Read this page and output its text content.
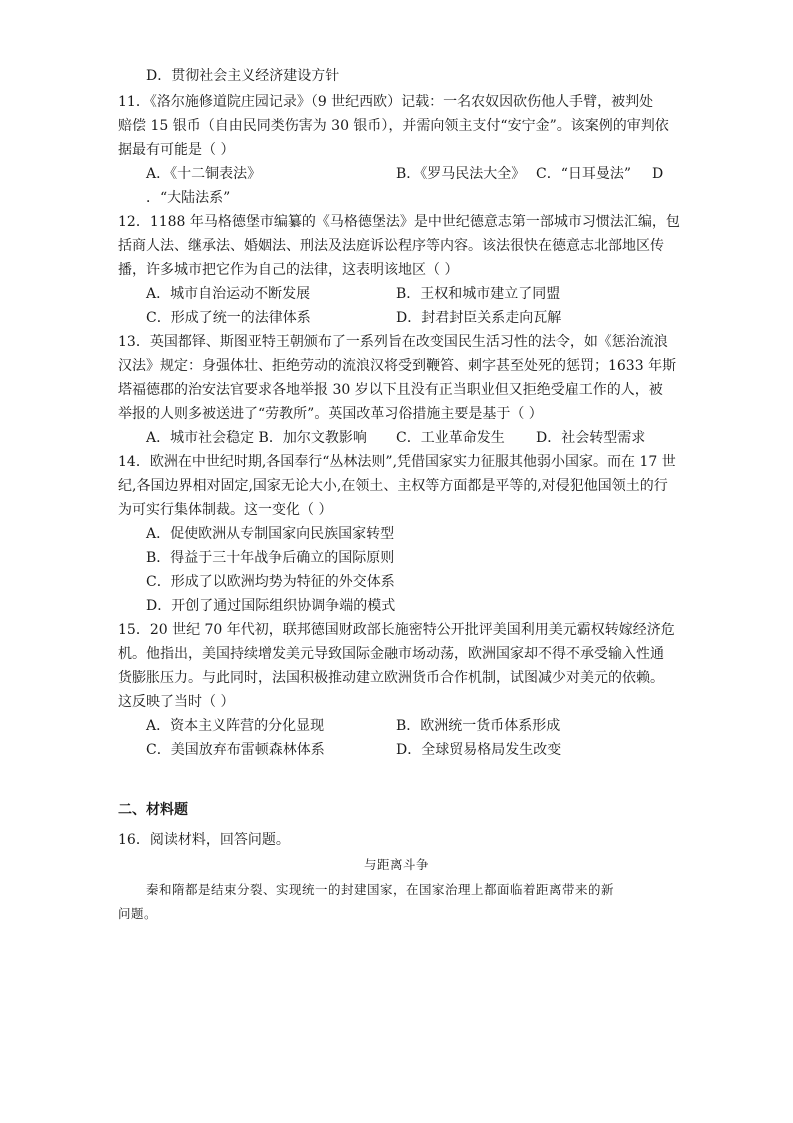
D．贯彻社会主义经济建设方针
11．《洛尔施修道院庄园记录》（9 世纪西欧）记载：一名农奴因砍伤他人手臂，被判处
赔偿 15 银币（自由民同类伤害为 30 银币），并需向领主支付“安宁金”。该案例的审判依
据最有可能是（ ）
A．《十二铜表法》	B．《罗马民法大全》 C．“日耳曼法” D
．“大陆法系”
12．1188 年马格德堡市编纂的《马格德堡法》是中世纪德意志第一部城市习惯法汇编，包
括商人法、继承法、婚姻法、刑法及法庭诉讼程序等内容。该法很快在德意志北部地区传
播，许多城市把它作为自己的法律，这表明该地区（ ）
A．城市自治运动不断发展	B．王权和城市建立了同盟
C．形成了统一的法律体系	D．封君封臣关系走向瓦解
13．英国都铎、斯图亚特王朝颁布了一系列旨在改变国民生活习性的法令，如《惩治流浪
汉法》规定：身强体壮、拒绝劳动的流浪汉将受到鞭笞、刺字甚至处死的惩罚；1633 年斯
塔福德郡的治安法官要求各地举报 30 岁以下且没有正当职业但又拒绝受雇工作的人，被
举报的人则多被送进了“劳教所”。英国改革习俗措施主要是基于（ ）
A．城市社会稳定 B．加尔文教影响 C．工业革命发生 D．社会转型需求
14．欧洲在中世纪时期,各国奉行“丛林法则”,凭借国家实力征服其他弱小国家。而在 17 世
纪,各国边界相对固定,国家无论大小,在领土、主权等方面都是平等的,对侵犯他国领土的行
为可实行集体制裁。这一变化（ ）
A．促使欧洲从专制国家向民族国家转型
B．得益于三十年战争后确立的国际原则
C．形成了以欧洲均势为特征的外交体系
D．开创了通过国际组织协调争端的模式
15．20 世纪 70 年代初，联邦德国财政部长施密特公开批评美国利用美元霸权转嫁经济危
机。他指出，美国持续增发美元导致国际金融市场动荡，欧洲国家却不得不承受输入性通
货膨胀压力。与此同时，法国积极推动建立欧洲货币合作机制，试图减少对美元的依赖。
这反映了当时（ ）
A．资本主义阵营的分化显现	B．欧洲统一货币体系形成
C．美国放弃布雷顿森林体系	D．全球贸易格局发生改变
二、材料题
16．阅读材料，回答问题。
与距离斗争
秦和隋都是结束分裂、实现统一的封建国家，在国家治理上都面临着距离带来的新
问题。
